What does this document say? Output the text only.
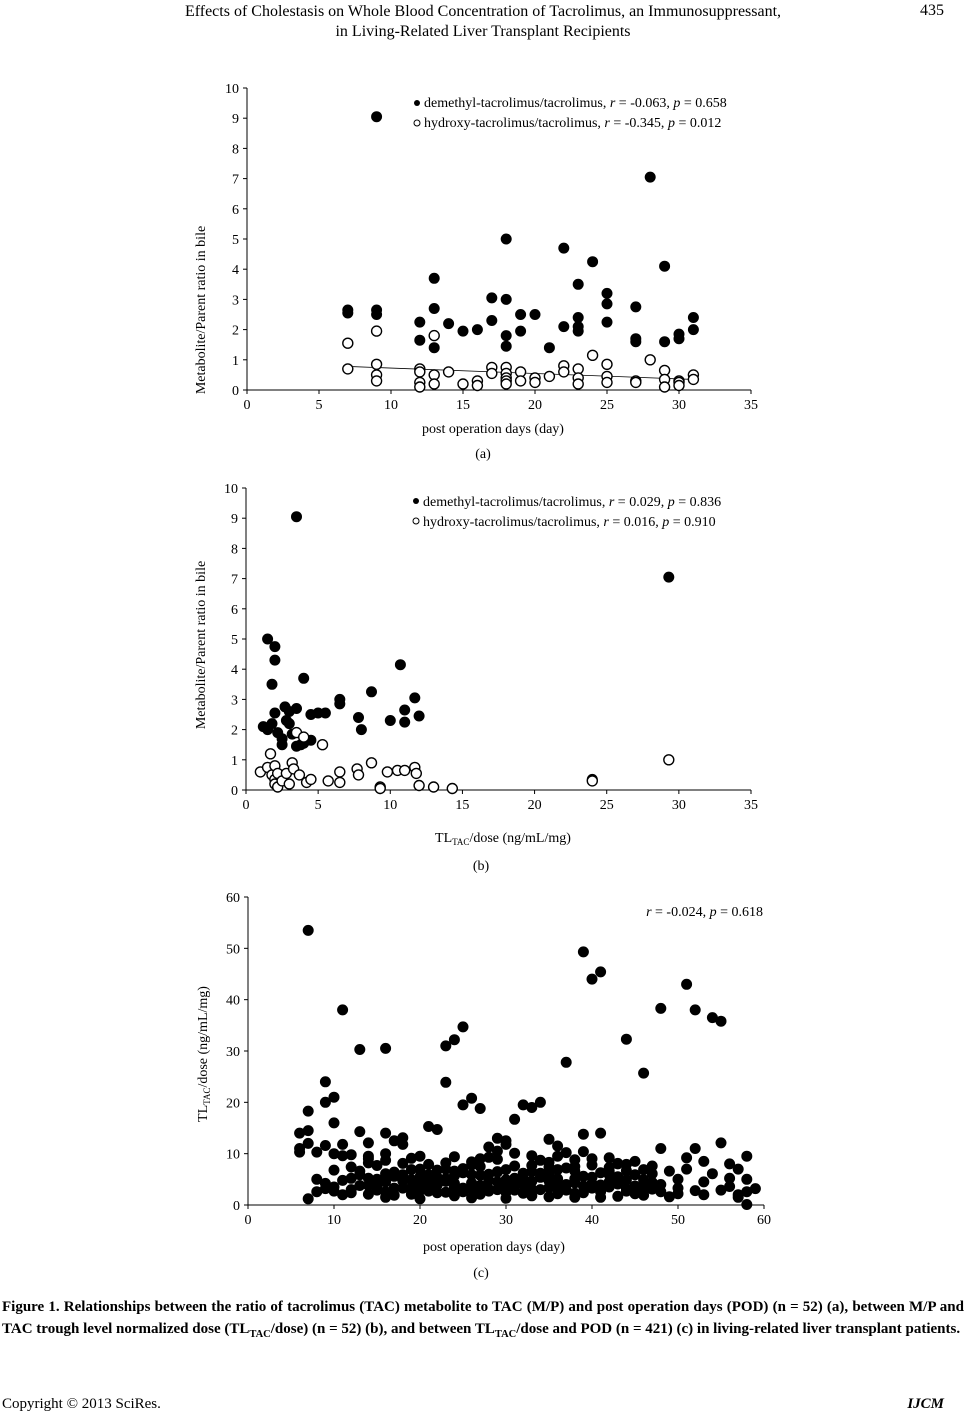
Effects of Cholestasis on Whole Blood Concentration of Tacrolimus, an Immunosuppressant,
in Living-Related Liver Transplant Recipients
435
0	5	10	15	20	25	30	35
0
1
2
3
4
5
6
7
8
9
10
demethyl-tacrolimus/tacrolimus, r = -0.063, p = 0.658
hydroxy-tacrolimus/tacrolimus, r = -0.345, p = 0.012
post operation days (day)
Metabolite/Parent ratio in bile
(a)
0	5	10	15	20	25	30	35
0
1
2
3
4
5
6
7
8
9
10
demethyl-tacrolimus/tacrolimus, r = 0.029, p = 0.836
hydroxy-tacrolimus/tacrolimus, r = 0.016, p = 0.910
$TL_{TAC}$/dose (ng/mL/mg)
Metabolite/Parent ratio in bile
(b)
0	10	20	30	40	50	60
0
10
20
30
40
50
60
r = -0.024, p = 0.618
post operation days (day)
$TL_{TAC}$/dose (ng/mL/mg)
(c)
Figure 1. Relationships between the ratio of tacrolimus (TAC) metabolite to TAC (M/P) and post operation days (POD) (n = 52) (a), between M/P and TAC trough level normalized dose $(TL_{TAC}/dose) (n = 52)$ (b), and between $TL_{TAC}$/dose and POD (n = 421) (c) in living-related liver transplant patients.
Copyright © 2013 SciRes.	IJCM
